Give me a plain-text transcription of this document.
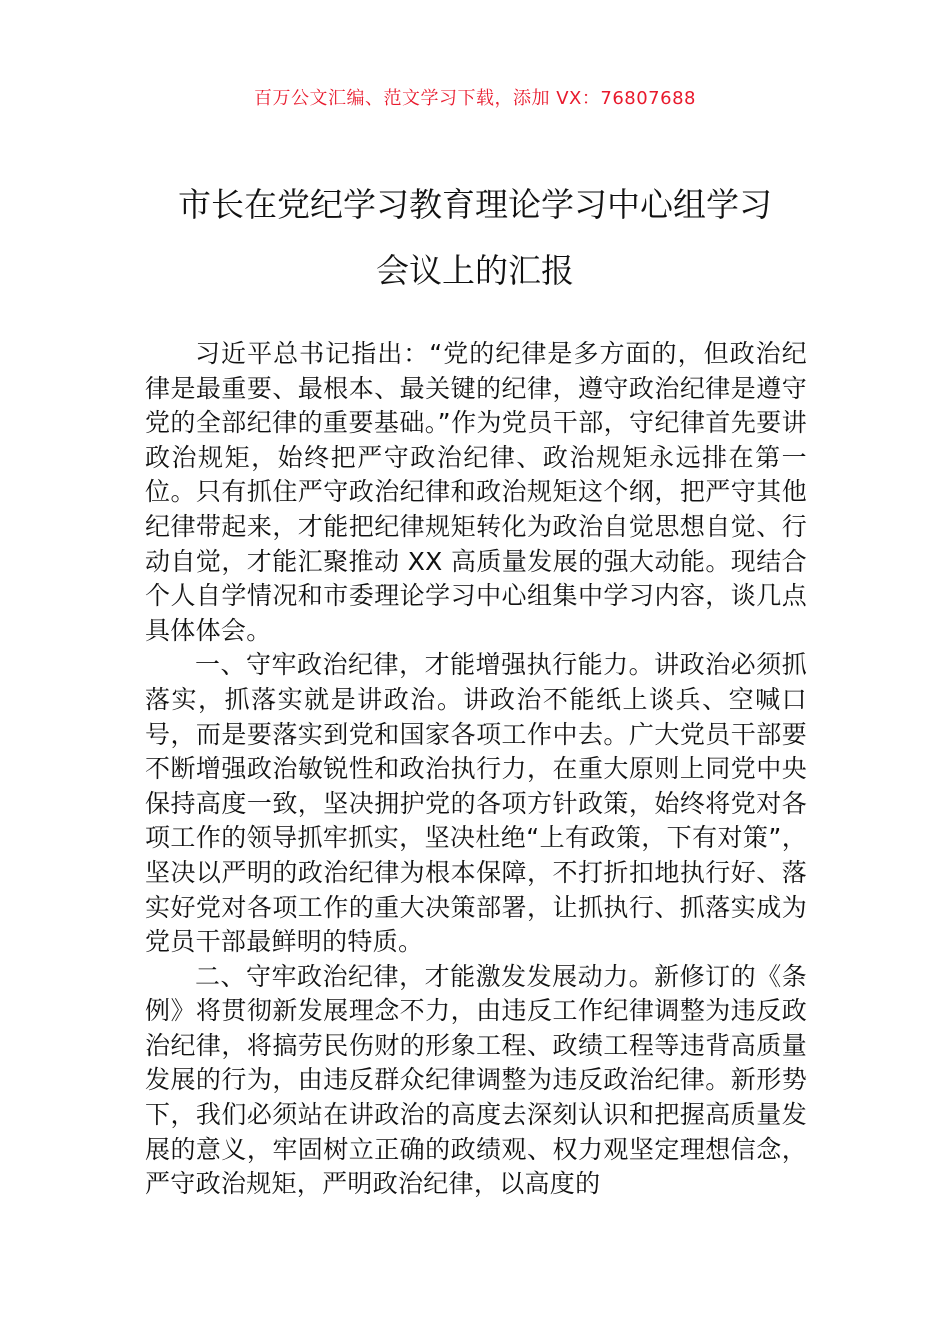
百万公文汇编、范文学习下载，添加 VX：76807688
市长在党纪学习教育理论学习中心组学习
会议上的汇报

习近平总书记指出：“党的纪律是多方面的，但政治纪律是最重要、最根本、最关键的纪律，遵守政治纪律是遵守党的全部纪律的重要基础。”作为党员干部，守纪律首先要讲政治规矩，始终把严守政治纪律、政治规矩永远排在第一位。只有抓住严守政治纪律和政治规矩这个纲，把严守其他纪律带起来，才能把纪律规矩转化为政治自觉思想自觉、行动自觉，才能汇聚推动 XX 高质量发展的强大动能。现结合个人自学情况和市委理论学习中心组集中学习内容，谈几点具体体会。

一、守牢政治纪律，才能增强执行能力。讲政治必须抓落实，抓落实就是讲政治。讲政治不能纸上谈兵、空喊口号，而是要落实到党和国家各项工作中去。广大党员干部要不断增强政治敏锐性和政治执行力，在重大原则上同党中央保持高度一致，坚决拥护党的各项方针政策，始终将党对各项工作的领导抓牢抓实，坚决杜绝“上有政策，下有对策”，坚决以严明的政治纪律为根本保障，不打折扣地执行好、落实好党对各项工作的重大决策部署，让抓执行、抓落实成为党员干部最鲜明的特质。

二、守牢政治纪律，才能激发发展动力。新修订的《条例》将贯彻新发展理念不力，由违反工作纪律调整为违反政治纪律，将搞劳民伤财的形象工程、政绩工程等违背高质量发展的行为，由违反群众纪律调整为违反政治纪律。新形势下，我们必须站在讲政治的高度去深刻认识和把握高质量发展的意义，牢固树立正确的政绩观、权力观坚定理想信念，严守政治规矩，严明政治纪律，以高度的
